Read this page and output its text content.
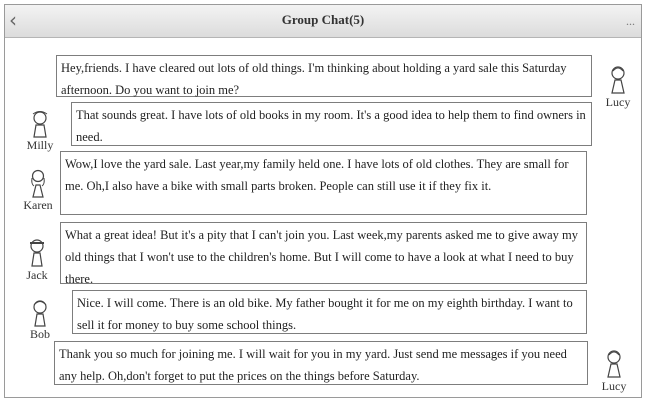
‹	Group Chat(5)	...
Hey,friends. I have cleared out lots of old things. I'm thinking about holding a yard sale this Saturday afternoon. Do you want to join me?
Lucy
That sounds great. I have lots of old books in my room. It's a good idea to help them to find owners in need.
Milly
Wow,I love the yard sale. Last year,my family held one. I have lots of old clothes. They are small for me. Oh,I also have a bike with small parts broken. People can still use it if they fix it.
Karen
What a great idea! But it's a pity that I can't join you. Last week,my parents asked me to give away my old things that I won't use to the children's home. But I will come to have a look at what I need to buy there.
Jack
Nice. I will come. There is an old bike. My father bought it for me on my eighth birthday. I want to sell it for money to buy some school things.
Bob
Thank you so much for joining me. I will wait for you in my yard. Just send me messages if you need any help. Oh,don't forget to put the prices on the things before Saturday.
Lucy
